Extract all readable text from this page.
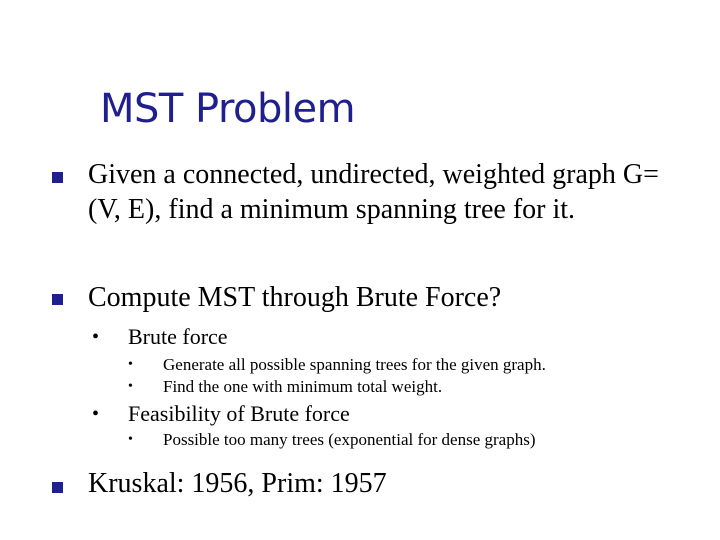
MST Problem
Given a connected, undirected, weighted graph G= (V, E), find a minimum spanning tree for it.
Compute MST through Brute Force?
• Brute force
• Generate all possible spanning trees for the given graph.
• Find the one with minimum total weight.
• Feasibility of Brute force
• Possible too many trees (exponential for dense graphs)
Kruskal: 1956, Prim: 1957
